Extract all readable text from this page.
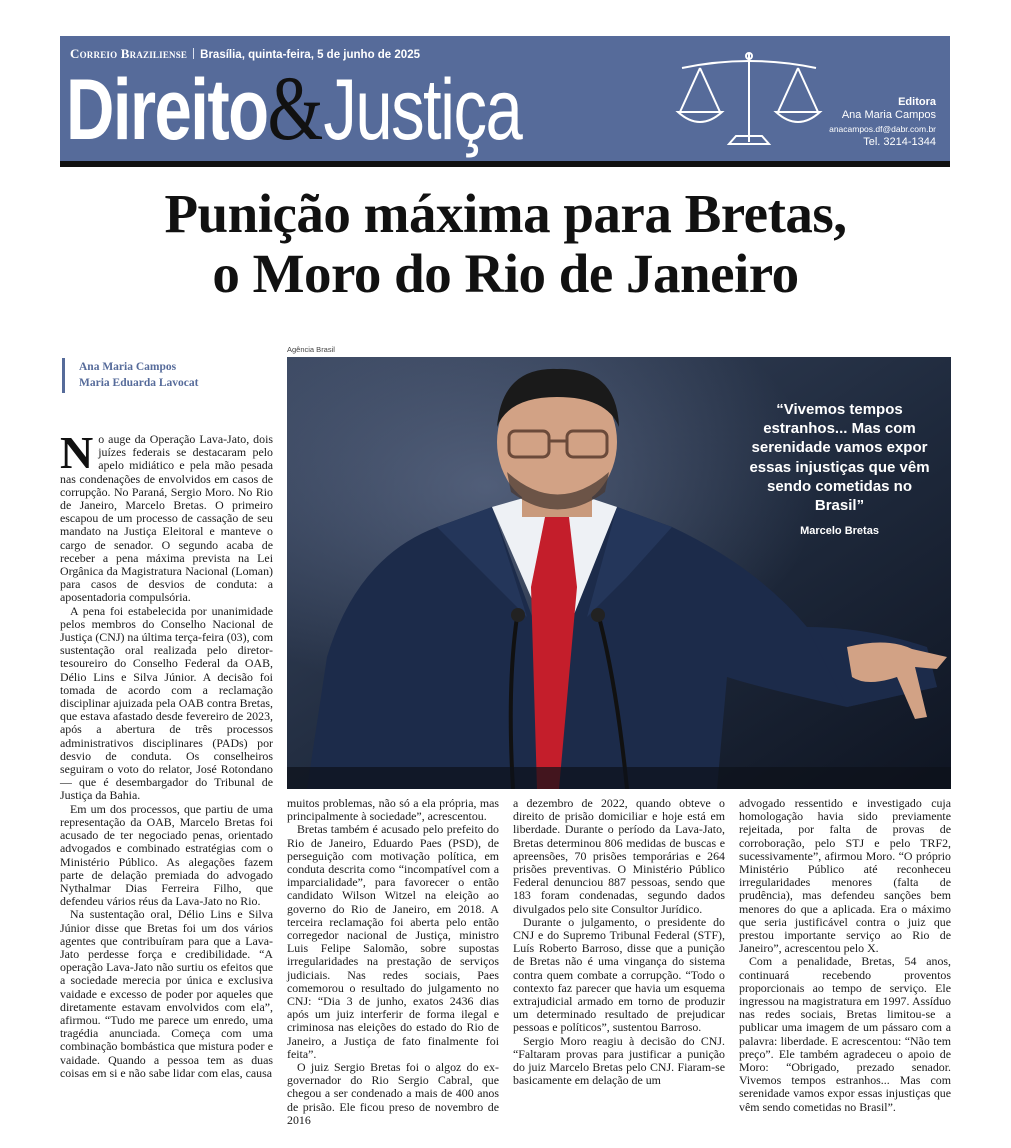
Correio Braziliense Brasília, quinta-feira, 5 de junho de 2025
Direito&Justiça	Editora
Ana Maria Campos
anacampos.df@dabr.com.br
Tel. 3214-1344
Punição máxima para Bretas,
o Moro do Rio de Janeiro
Ana Maria Campos
Maria Eduarda Lavocat
Agência Brasil
“Vivemos tempos estranhos... Mas com serenidade vamos expor essas injustiças que vêm sendo cometidas no Brasil”
Marcelo Bretas

No auge da Operação Lava-Jato, dois juízes federais se destacaram pelo apelo midiático e pela mão pesada nas condenações de envolvidos em casos de corrupção. No Paraná, Sergio Moro. No Rio de Janeiro, Marcelo Bretas. O primeiro escapou de um processo de cassação de seu mandato na Justiça Eleitoral e manteve o cargo de senador. O segundo acaba de receber a pena máxima prevista na Lei Orgânica da Magistratura Nacional (Loman) para casos de desvios de conduta: a aposentadoria compulsória.

A pena foi estabelecida por unanimidade pelos membros do Conselho Nacional de Justiça (CNJ) na última terça-feira (03), com sustentação oral realizada pelo diretor-tesoureiro do Conselho Federal da OAB, Délio Lins e Silva Júnior. A decisão foi tomada de acordo com a reclamação disciplinar ajuizada pela OAB contra Bretas, que estava afastado desde fevereiro de 2023, após a abertura de três processos administrativos disciplinares (PADs) por desvio de conduta. Os conselheiros seguiram o voto do relator, José Rotondano — que é desembargador do Tribunal de Justiça da Bahia.

Em um dos processos, que partiu de uma representação da OAB, Marcelo Bretas foi acusado de ter negociado penas, orientado advogados e combinado estratégias com o Ministério Público. As alegações fazem parte de delação premiada do advogado Nythalmar Dias Ferreira Filho, que defendeu vários réus da Lava-Jato no Rio.

Na sustentação oral, Délio Lins e Silva Júnior disse que Bretas foi um dos vários agentes que contribuíram para que a Lava-Jato perdesse força e credibilidade. “A operação Lava-Jato não surtiu os efeitos que a sociedade merecia por única e exclusiva vaidade e excesso de poder por aqueles que diretamente estavam envolvidos com ela”, afirmou. “Tudo me parece um enredo, uma tragédia anunciada. Começa com uma combinação bombástica que mistura poder e vaidade. Quando a pessoa tem as duas coisas em si e não sabe lidar com elas, causa

muitos problemas, não só a ela própria, mas principalmente à sociedade”, acrescentou.

Bretas também é acusado pelo prefeito do Rio de Janeiro, Eduardo Paes (PSD), de perseguição com motivação política, em conduta descrita como “incompatível com a imparcialidade”, para favorecer o então candidato Wilson Witzel na eleição ao governo do Rio de Janeiro, em 2018. A terceira reclamação foi aberta pelo então corregedor nacional de Justiça, ministro Luis Felipe Salomão, sobre supostas irregularidades na prestação de serviços judiciais. Nas redes sociais, Paes comemorou o resultado do julgamento no CNJ: “Dia 3 de junho, exatos 2436 dias após um juiz interferir de forma ilegal e criminosa nas eleições do estado do Rio de Janeiro, a Justiça de fato finalmente foi feita”.

O juiz Sergio Bretas foi o algoz do ex-governador do Rio Sergio Cabral, que chegou a ser condenado a mais de 400 anos de prisão. Ele ficou preso de novembro de 2016

a dezembro de 2022, quando obteve o direito de prisão domiciliar e hoje está em liberdade. Durante o período da Lava-Jato, Bretas determinou 806 medidas de buscas e apreensões, 70 prisões temporárias e 264 prisões preventivas. O Ministério Público Federal denunciou 887 pessoas, sendo que 183 foram condenadas, segundo dados divulgados pelo site Consultor Jurídico.

Durante o julgamento, o presidente do CNJ e do Supremo Tribunal Federal (STF), Luís Roberto Barroso, disse que a punição de Bretas não é uma vingança do sistema contra quem combate a corrupção. “Todo o contexto faz parecer que havia um esquema extrajudicial armado em torno de produzir um determinado resultado de prejudicar pessoas e políticos”, sustentou Barroso.

Sergio Moro reagiu à decisão do CNJ. “Faltaram provas para justificar a punição do juiz Marcelo Bretas pelo CNJ. Fiaram-se basicamente em delação de um

advogado ressentido e investigado cuja homologação havia sido previamente rejeitada, por falta de provas de corroboração, pelo STJ e pelo TRF2, sucessivamente”, afirmou Moro. “O próprio Ministério Público até reconheceu irregularidades menores (falta de prudência), mas defendeu sanções bem menores do que a aplicada. Era o máximo que seria justificável contra o juiz que prestou importante serviço ao Rio de Janeiro”, acrescentou pelo X.

Com a penalidade, Bretas, 54 anos, continuará recebendo proventos proporcionais ao tempo de serviço. Ele ingressou na magistratura em 1997. Assíduo nas redes sociais, Bretas limitou-se a publicar uma imagem de um pássaro com a palavra: liberdade. E acrescentou: “Não tem preço”. Ele também agradeceu o apoio de Moro: “Obrigado, prezado senador. Vivemos tempos estranhos... Mas com serenidade vamos expor essas injustiças que vêm sendo cometidas no Brasil”.
